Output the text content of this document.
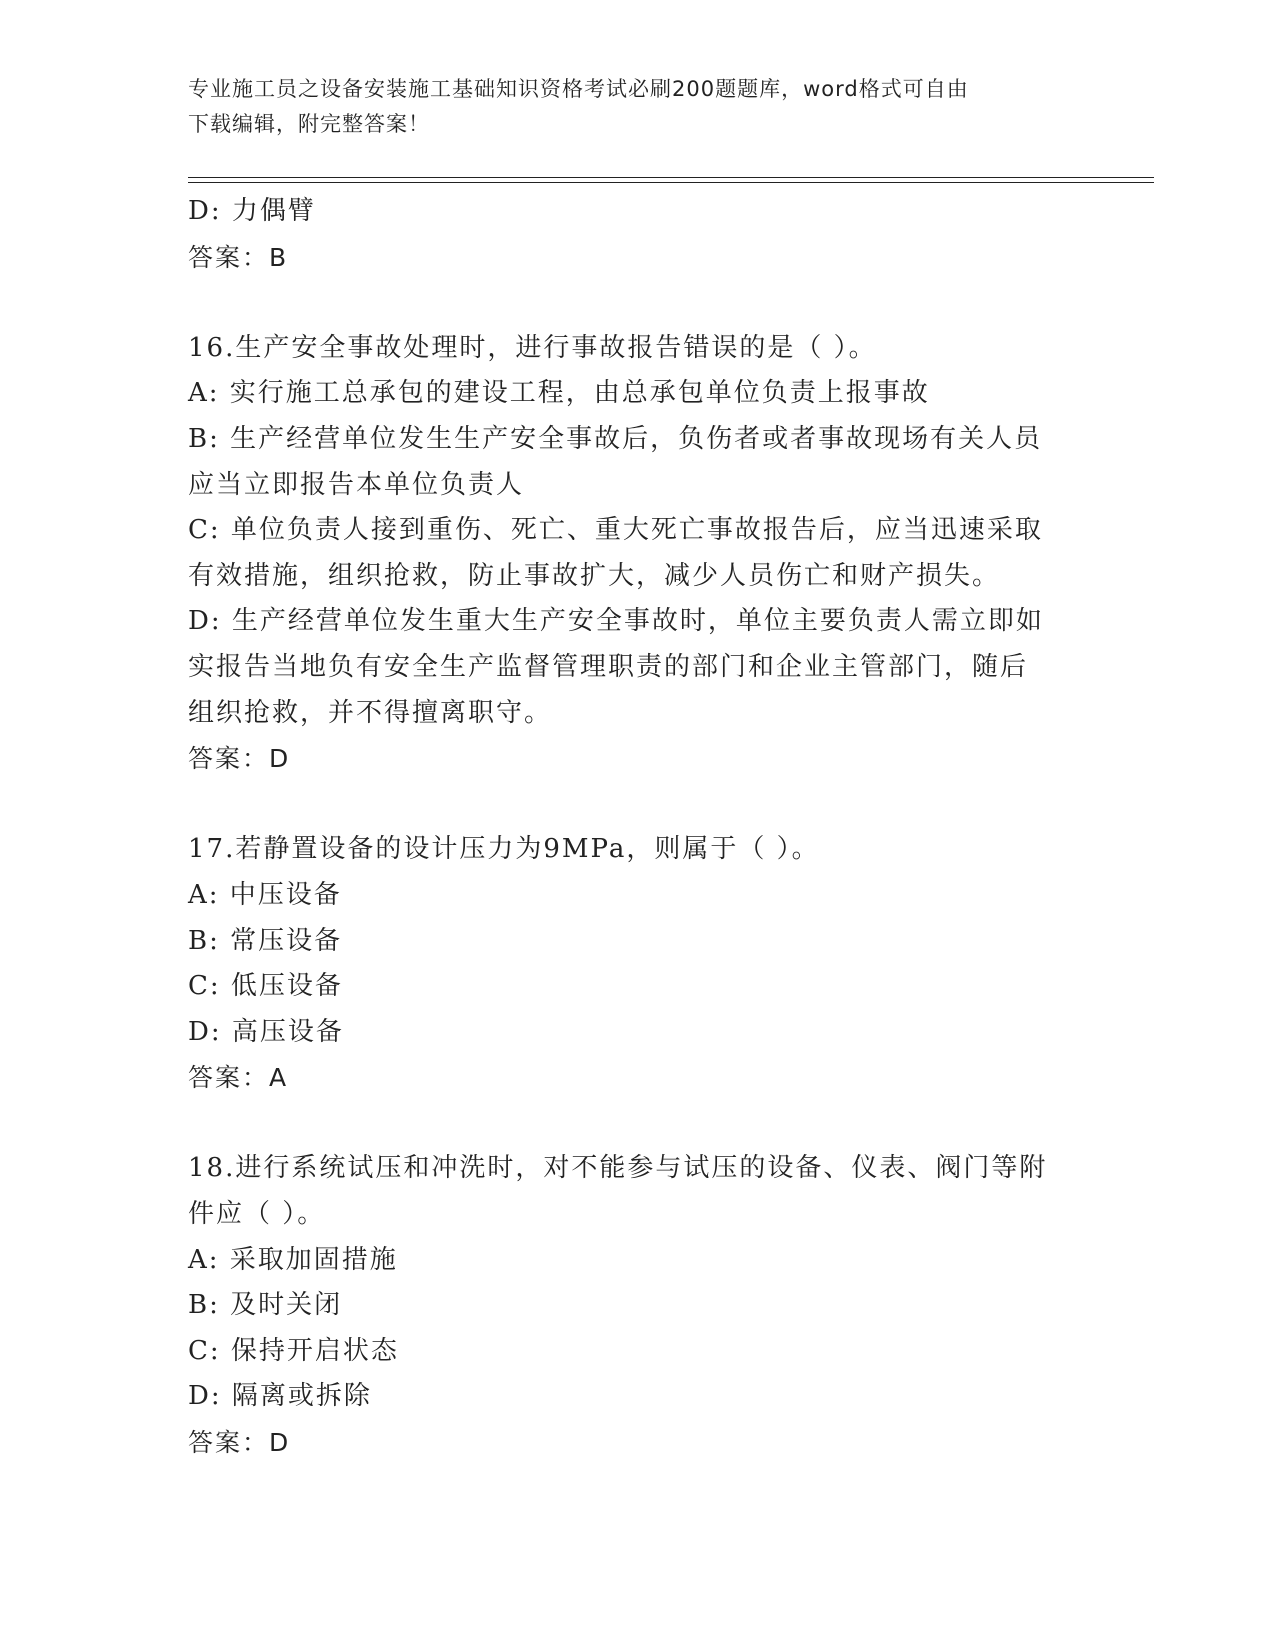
专业施工员之设备安装施工基础知识资格考试必刷200题题库，word格式可自由
下载编辑，附完整答案！

D: 力偶臂

答案：B

16.生产安全事故处理时，进行事故报告错误的是（ ）。

A: 实行施工总承包的建设工程，由总承包单位负责上报事故

B: 生产经营单位发生生产安全事故后，负伤者或者事故现场有关人员

应当立即报告本单位负责人

C: 单位负责人接到重伤、死亡、重大死亡事故报告后，应当迅速采取

有效措施，组织抢救，防止事故扩大，减少人员伤亡和财产损失。

D: 生产经营单位发生重大生产安全事故时，单位主要负责人需立即如

实报告当地负有安全生产监督管理职责的部门和企业主管部门，随后

组织抢救，并不得擅离职守。

答案：D

17.若静置设备的设计压力为9MPa，则属于（ ）。

A: 中压设备

B: 常压设备

C: 低压设备

D: 高压设备

答案：A

18.进行系统试压和冲洗时，对不能参与试压的设备、仪表、阀门等附

件应（ ）。

A: 采取加固措施

B: 及时关闭

C: 保持开启状态

D: 隔离或拆除

答案：D
